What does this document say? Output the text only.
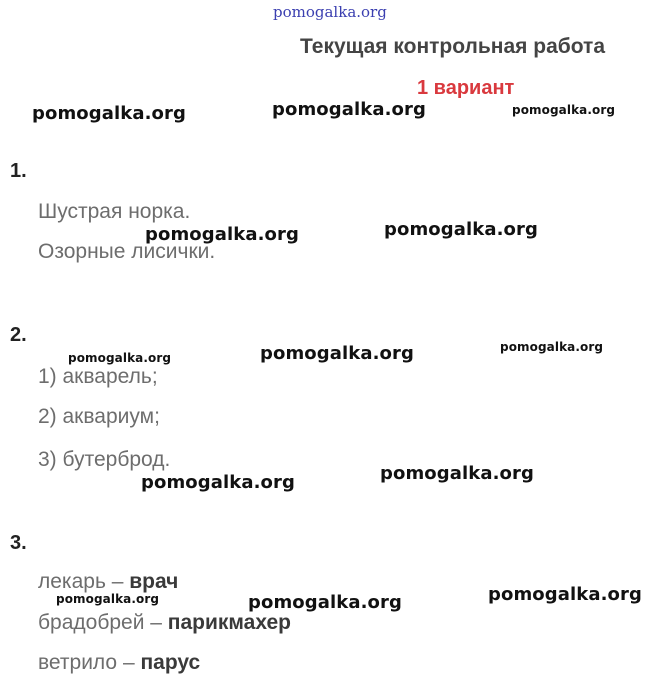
pomogalka.org
Текущая контрольная работа
1 вариант
pomogalka.org	pomogalka.org	pomogalka.org
1.
Шустрая норка.
Озорные лисички.
pomogalka.org	pomogalka.org
2.
pomogalka.org	pomogalka.org	pomogalka.org
1) акварель;
2) аквариум;
3) бутерброд.
pomogalka.org	pomogalka.org
3.
лекарь – врач
pomogalka.org	pomogalka.org	pomogalka.org
брадобрей – парикмахер
ветрило – парус
